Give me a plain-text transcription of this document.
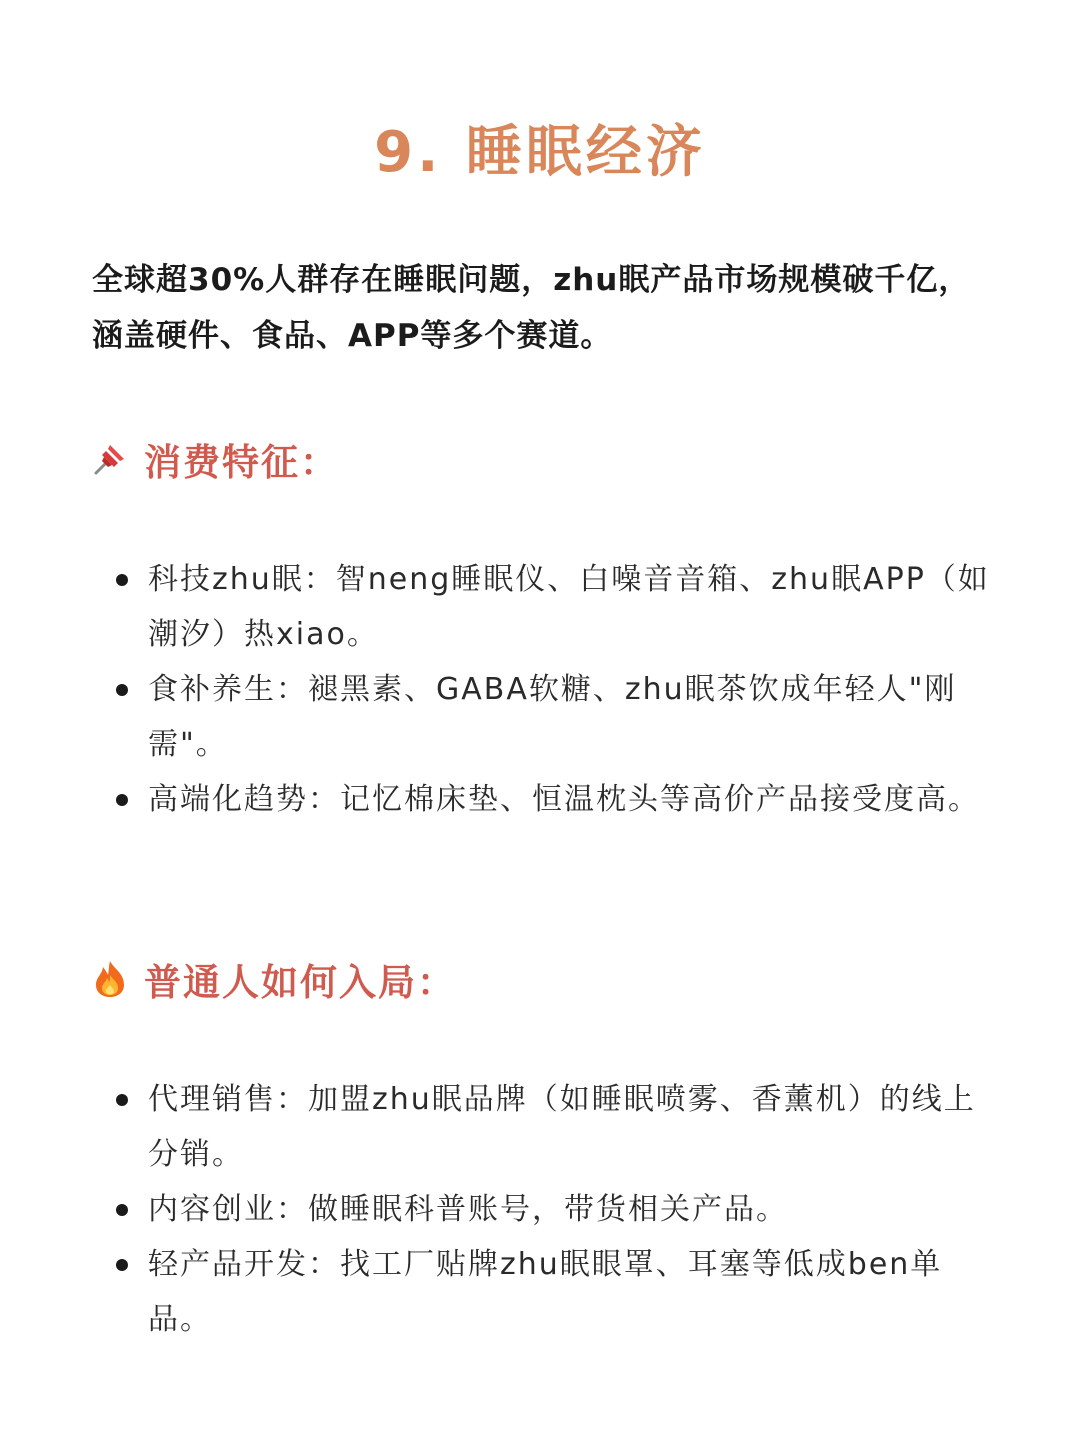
9. 睡眠经济
全球超30%人群存在睡眠问题，zhu眠产品市场规模破千亿，涵盖硬件、食品、APP等多个赛道。
消费特征：
科技zhu眠：智neng睡眠仪、白噪音音箱、zhu眠APP（如潮汐）热xiao。
食补养生：褪黑素、GABA软糖、zhu眠茶饮成年轻人"刚需"。
高端化趋势：记忆棉床垫、恒温枕头等高价产品接受度高。
普通人如何入局：
代理销售：加盟zhu眠品牌（如睡眠喷雾、香薰机）的线上分销。
内容创业：做睡眠科普账号，带货相关产品。
轻产品开发：找工厂贴牌zhu眠眼罩、耳塞等低成ben单品。
